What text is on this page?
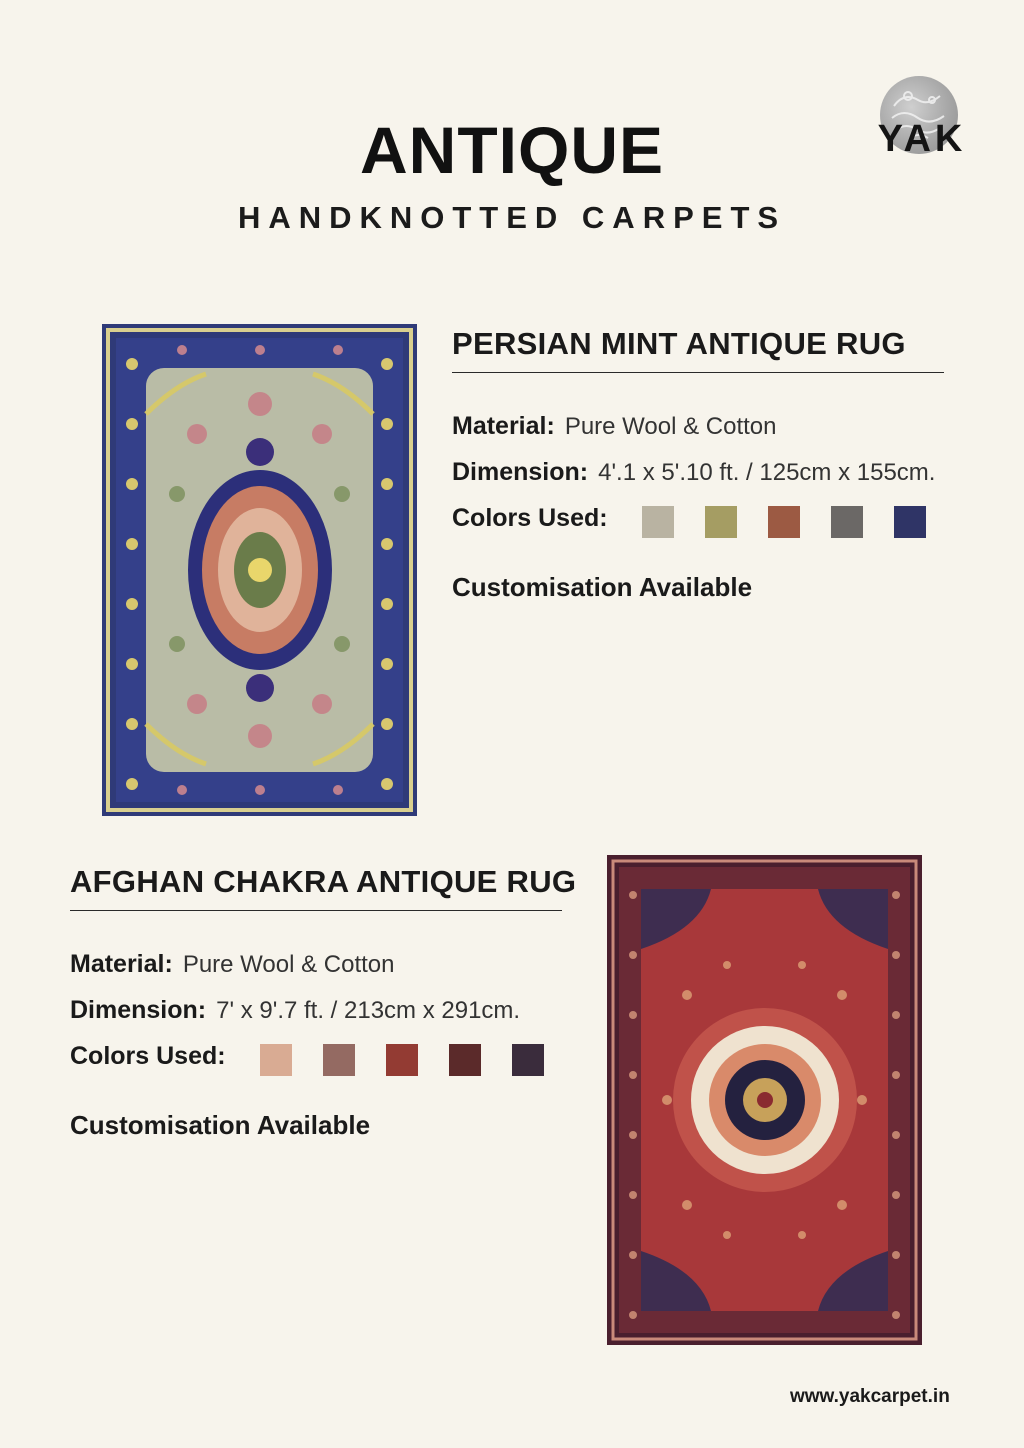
ANTIQUE
HANDKNOTTED CARPETS
YAK
PERSIAN MINT ANTIQUE RUG
Material: Pure Wool & Cotton
Dimension: 4'.1 x 5'.10 ft. / 125cm x 155cm.
Colors Used:
Customisation Available
AFGHAN CHAKRA ANTIQUE RUG
Material: Pure Wool & Cotton
Dimension: 7' x 9'.7 ft. / 213cm x 291cm.
Colors Used:
Customisation Available
www.yakcarpet.in
